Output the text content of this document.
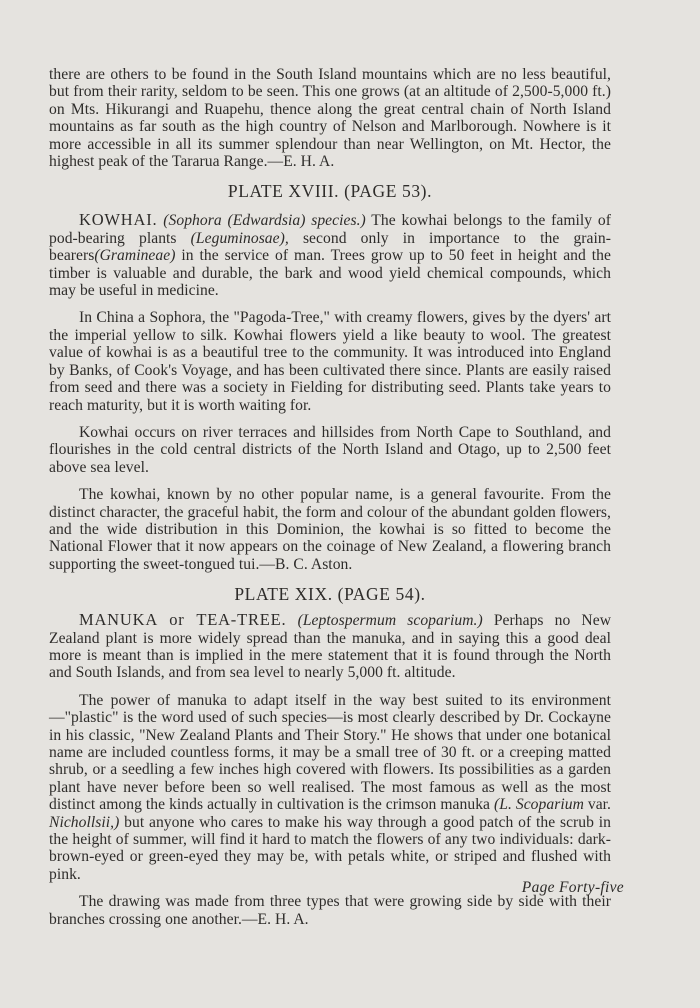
there are others to be found in the South Island mountains which are no less beautiful, but from their rarity, seldom to be seen. This one grows (at an altitude of 2,500-5,000 ft.) on Mts. Hikurangi and Ruapehu, thence along the great central chain of North Island mountains as far south as the high country of Nelson and Marlborough. Nowhere is it more accessible in all its summer splendour than near Wellington, on Mt. Hector, the highest peak of the Tararua Range.—E. H. A.

PLATE XVIII. (PAGE 53).

KOWHAI. (Sophora (Edwardsia) species.) The kowhai belongs to the family of pod-bearing plants (Leguminosae), second only in importance to the grain-bearers(Gramineae) in the service of man. Trees grow up to 50 feet in height and the timber is valuable and durable, the bark and wood yield chemical compounds, which may be useful in medicine.

In China a Sophora, the "Pagoda-Tree," with creamy flowers, gives by the dyers' art the imperial yellow to silk. Kowhai flowers yield a like beauty to wool. The greatest value of kowhai is as a beautiful tree to the community. It was introduced into England by Banks, of Cook's Voyage, and has been cultivated there since. Plants are easily raised from seed and there was a society in Fielding for distributing seed. Plants take years to reach maturity, but it is worth waiting for.

Kowhai occurs on river terraces and hillsides from North Cape to Southland, and flourishes in the cold central districts of the North Island and Otago, up to 2,500 feet above sea level.

The kowhai, known by no other popular name, is a general favourite. From the distinct character, the graceful habit, the form and colour of the abundant golden flowers, and the wide distribution in this Dominion, the kowhai is so fitted to become the National Flower that it now appears on the coinage of New Zealand, a flowering branch supporting the sweet-tongued tui.—B. C. Aston.

PLATE XIX. (PAGE 54).

MANUKA or TEA-TREE. (Leptospermum scoparium.) Perhaps no New Zealand plant is more widely spread than the manuka, and in saying this a good deal more is meant than is implied in the mere statement that it is found through the North and South Islands, and from sea level to nearly 5,000 ft. altitude.

The power of manuka to adapt itself in the way best suited to its environment—"plastic" is the word used of such species—is most clearly described by Dr. Cockayne in his classic, "New Zealand Plants and Their Story." He shows that under one botanical name are included countless forms, it may be a small tree of 30 ft. or a creeping matted shrub, or a seedling a few inches high covered with flowers. Its possibilities as a garden plant have never before been so well realised. The most famous as well as the most distinct among the kinds actually in cultivation is the crimson manuka (L. Scoparium var. Nichollsii,) but anyone who cares to make his way through a good patch of the scrub in the height of summer, will find it hard to match the flowers of any two individuals: dark-brown-eyed or green-eyed they may be, with petals white, or striped and flushed with pink.

The drawing was made from three types that were growing side by side with their branches crossing one another.—E. H. A.

Page Forty-five
